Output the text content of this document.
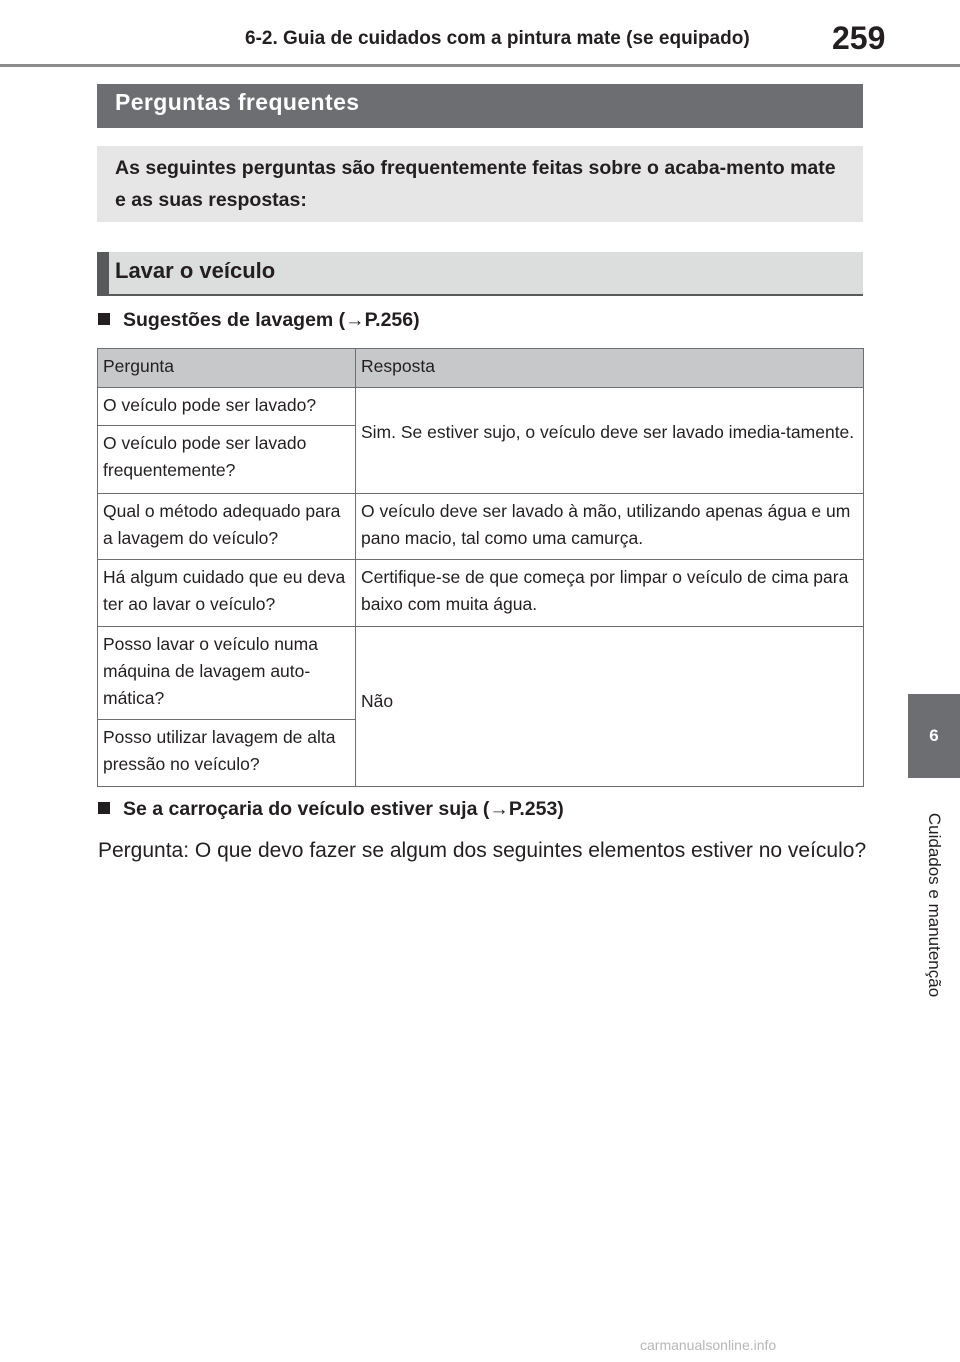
6-2. Guia de cuidados com a pintura mate (se equipado)	259
6
Cuidados e manutenção
Perguntas frequentes
As seguintes perguntas são frequentemente feitas sobre o acaba-mento mate e as suas respostas:
Lavar o veículo
Sugestões de lavagem (→P.256)
Pergunta	Resposta
O veículo pode ser lavado?	Sim. Se estiver sujo, o veículo deve ser lavado imedia-tamente.
O veículo pode ser lavado frequentemente?	
Qual o método adequado para a lavagem do veículo?	O veículo deve ser lavado à mão, utilizando apenas água e um pano macio, tal como uma camurça.
Há algum cuidado que eu deva ter ao lavar o veículo?	Certifique-se de que começa por limpar o veículo de cima para baixo com muita água.
Posso lavar o veículo numa máquina de lavagem auto-mática?	Não
Posso utilizar lavagem de alta pressão no veículo?	
Se a carroçaria do veículo estiver suja (→P.253)
Pergunta: O que devo fazer se algum dos seguintes elementos estiver no veículo?
carmanualsonline.info
